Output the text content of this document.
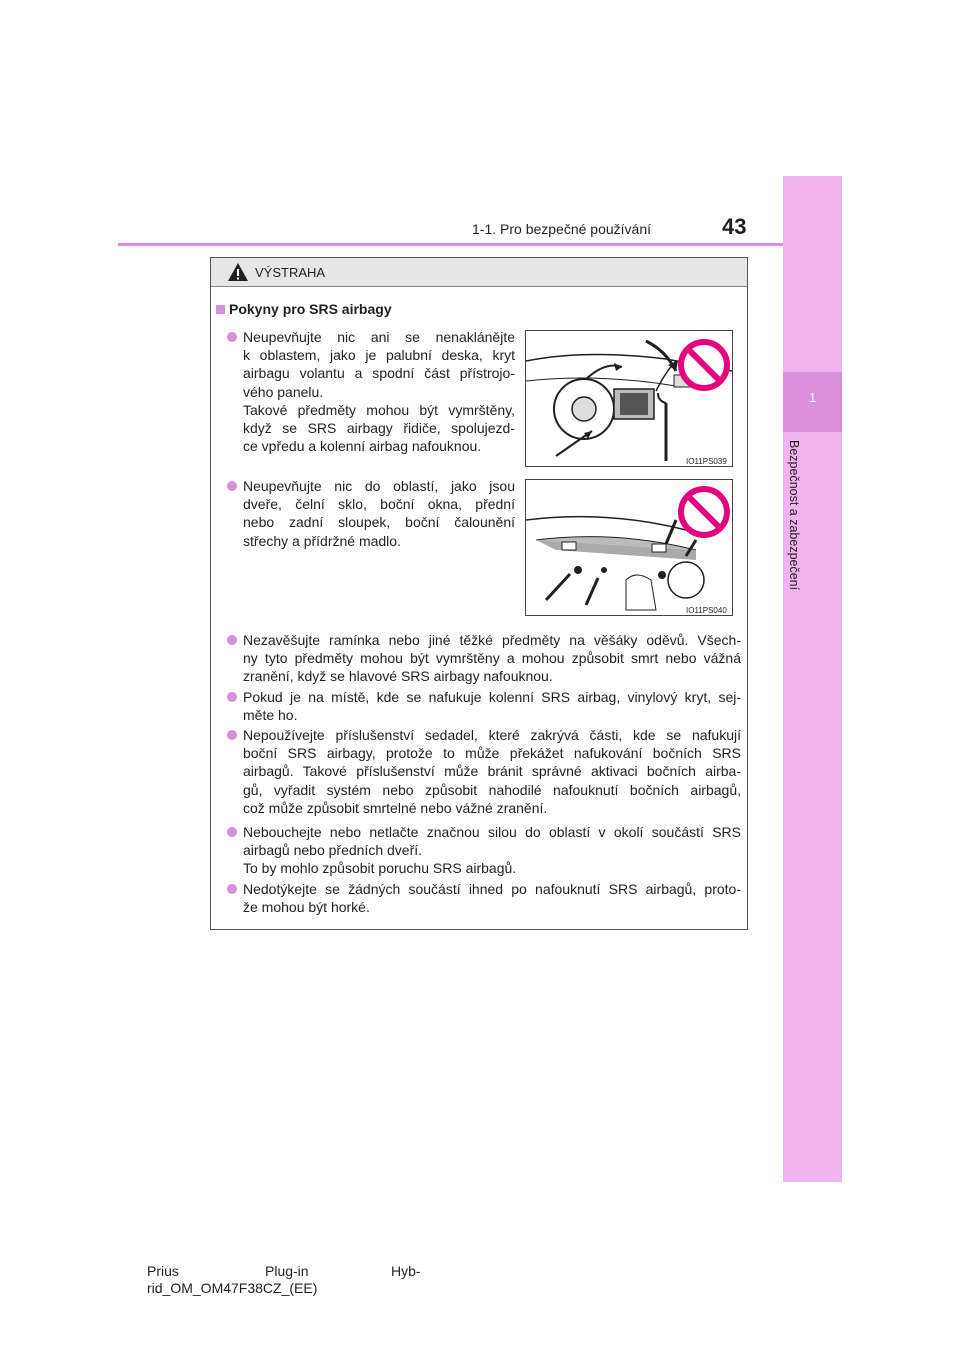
1
Bezpečnost a zabezpečení
43
1-1. Pro bezpečné používání
VÝSTRAHA
Pokyny pro SRS airbagy

Neupevňujte nic ani se nenaklánějte

k oblastem, jako je palubní deska, kryt

airbagu volantu a spodní část přístrojo-

vého panelu.

Takové předměty mohou být vymrštěny,

když se SRS airbagy řidiče, spolujezd-

ce vpředu a kolenní airbag nafouknou.

IO11PS039

Neupevňujte nic do oblastí, jako jsou

dveře, čelní sklo, boční okna, přední

nebo zadní sloupek, boční čalounění

střechy a přídržné madlo.

IO11PS040

Nezavěšujte ramínka nebo jiné těžké předměty na věšáky oděvů. Všech-

ny tyto předměty mohou být vymrštěny a mohou způsobit smrt nebo vážná

zranění, když se hlavové SRS airbagy nafouknou.

Pokud je na místě, kde se nafukuje kolenní SRS airbag, vinylový kryt, sej-

měte ho.

Nepoužívejte příslušenství sedadel, které zakrývá části, kde se nafukují

boční SRS airbagy, protože to může překážet nafukování bočních SRS

airbagů. Takové příslušenství může bránit správné aktivaci bočních airba-

gů, vyřadit systém nebo způsobit nahodilé nafouknutí bočních airbagů,

což může způsobit smrtelné nebo vážné zranění.

Nebouchejte nebo netlačte značnou silou do oblastí v okolí součástí SRS

airbagů nebo předních dveří.

To by mohlo způsobit poruchu SRS airbagů.

Nedotýkejte se žádných součástí ihned po nafouknutí SRS airbagů, proto-

že mohou být horké.

Prius	Plug-in	Hyb-
rid_OM_OM47F38CZ_(EE)
